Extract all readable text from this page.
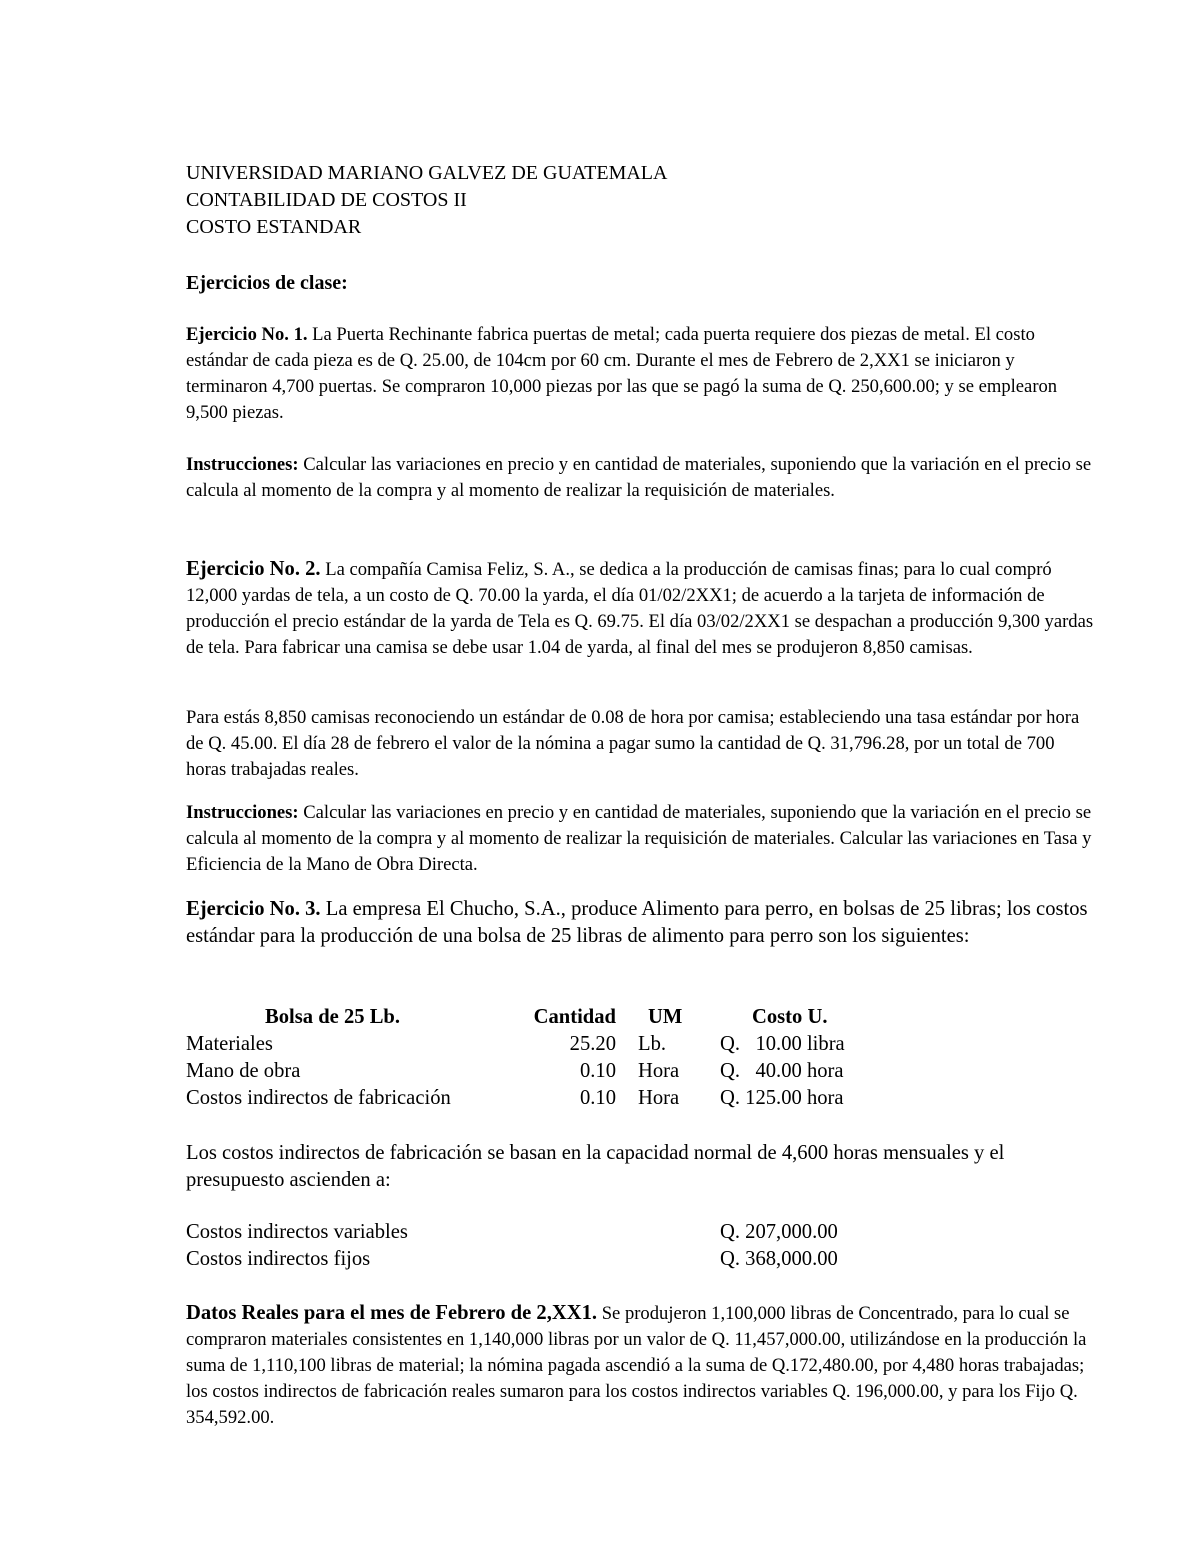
UNIVERSIDAD MARIANO GALVEZ DE GUATEMALA
CONTABILIDAD DE COSTOS II
COSTO ESTANDAR
Ejercicios de clase:

Ejercicio No. 1. La Puerta Rechinante fabrica puertas de metal; cada puerta requiere dos piezas de metal. El costo estándar de cada pieza es de Q. 25.00, de 104cm por 60 cm. Durante el mes de Febrero de 2,XX1 se iniciaron y terminaron 4,700 puertas. Se compraron 10,000 piezas por las que se pagó la suma de Q. 250,600.00; y se emplearon 9,500 piezas.

Instrucciones: Calcular las variaciones en precio y en cantidad de materiales, suponiendo que la variación en el precio se calcula al momento de la compra y al momento de realizar la requisición de materiales.

Ejercicio No. 2. La compañía Camisa Feliz, S. A., se dedica a la producción de camisas finas; para lo cual compró 12,000 yardas de tela, a un costo de Q. 70.00 la yarda, el día 01/02/2XX1; de acuerdo a la tarjeta de información de producción el precio estándar de la yarda de Tela es Q. 69.75. El día 03/02/2XX1 se despachan a producción 9,300 yardas de tela. Para fabricar una camisa se debe usar 1.04 de yarda, al final del mes se produjeron 8,850 camisas.

Para estás 8,850 camisas reconociendo un estándar de 0.08 de hora por camisa; estableciendo una tasa estándar por hora de Q. 45.00. El día 28 de febrero el valor de la nómina a pagar sumo la cantidad de Q. 31,796.28, por un total de 700 horas trabajadas reales.

Instrucciones: Calcular las variaciones en precio y en cantidad de materiales, suponiendo que la variación en el precio se calcula al momento de la compra y al momento de realizar la requisición de materiales. Calcular las variaciones en Tasa y Eficiencia de la Mano de Obra Directa.

Ejercicio No. 3. La empresa El Chucho, S.A., produce Alimento para perro, en bolsas de 25 libras; los costos estándar para la producción de una bolsa de 25 libras de alimento para perro son los siguientes:

Bolsa de 25 Lb.	Cantidad UM	Costo U.
Materiales	25.20 Lb.	Q.   10.00 libra
Mano de obra	0.10 Hora Q.   40.00 hora
Costos indirectos de fabricación	0.10 Hora Q. 125.00 hora

Los costos indirectos de fabricación se basan en la capacidad normal de 4,600 horas mensuales y el presupuesto ascienden a:

Costos indirectos variables	Q. 207,000.00
Costos indirectos fijos	Q. 368,000.00

Datos Reales para el mes de Febrero de 2,XX1. Se produjeron 1,100,000 libras de Concentrado, para lo cual se compraron materiales consistentes en 1,140,000 libras por un valor de Q. 11,457,000.00, utilizándose en la producción la suma de 1,110,100 libras de material; la nómina pagada ascendió a la suma de Q.172,480.00, por 4,480 horas trabajadas; los costos indirectos de fabricación reales sumaron para los costos indirectos variables Q. 196,000.00, y para los Fijo Q. 354,592.00.
